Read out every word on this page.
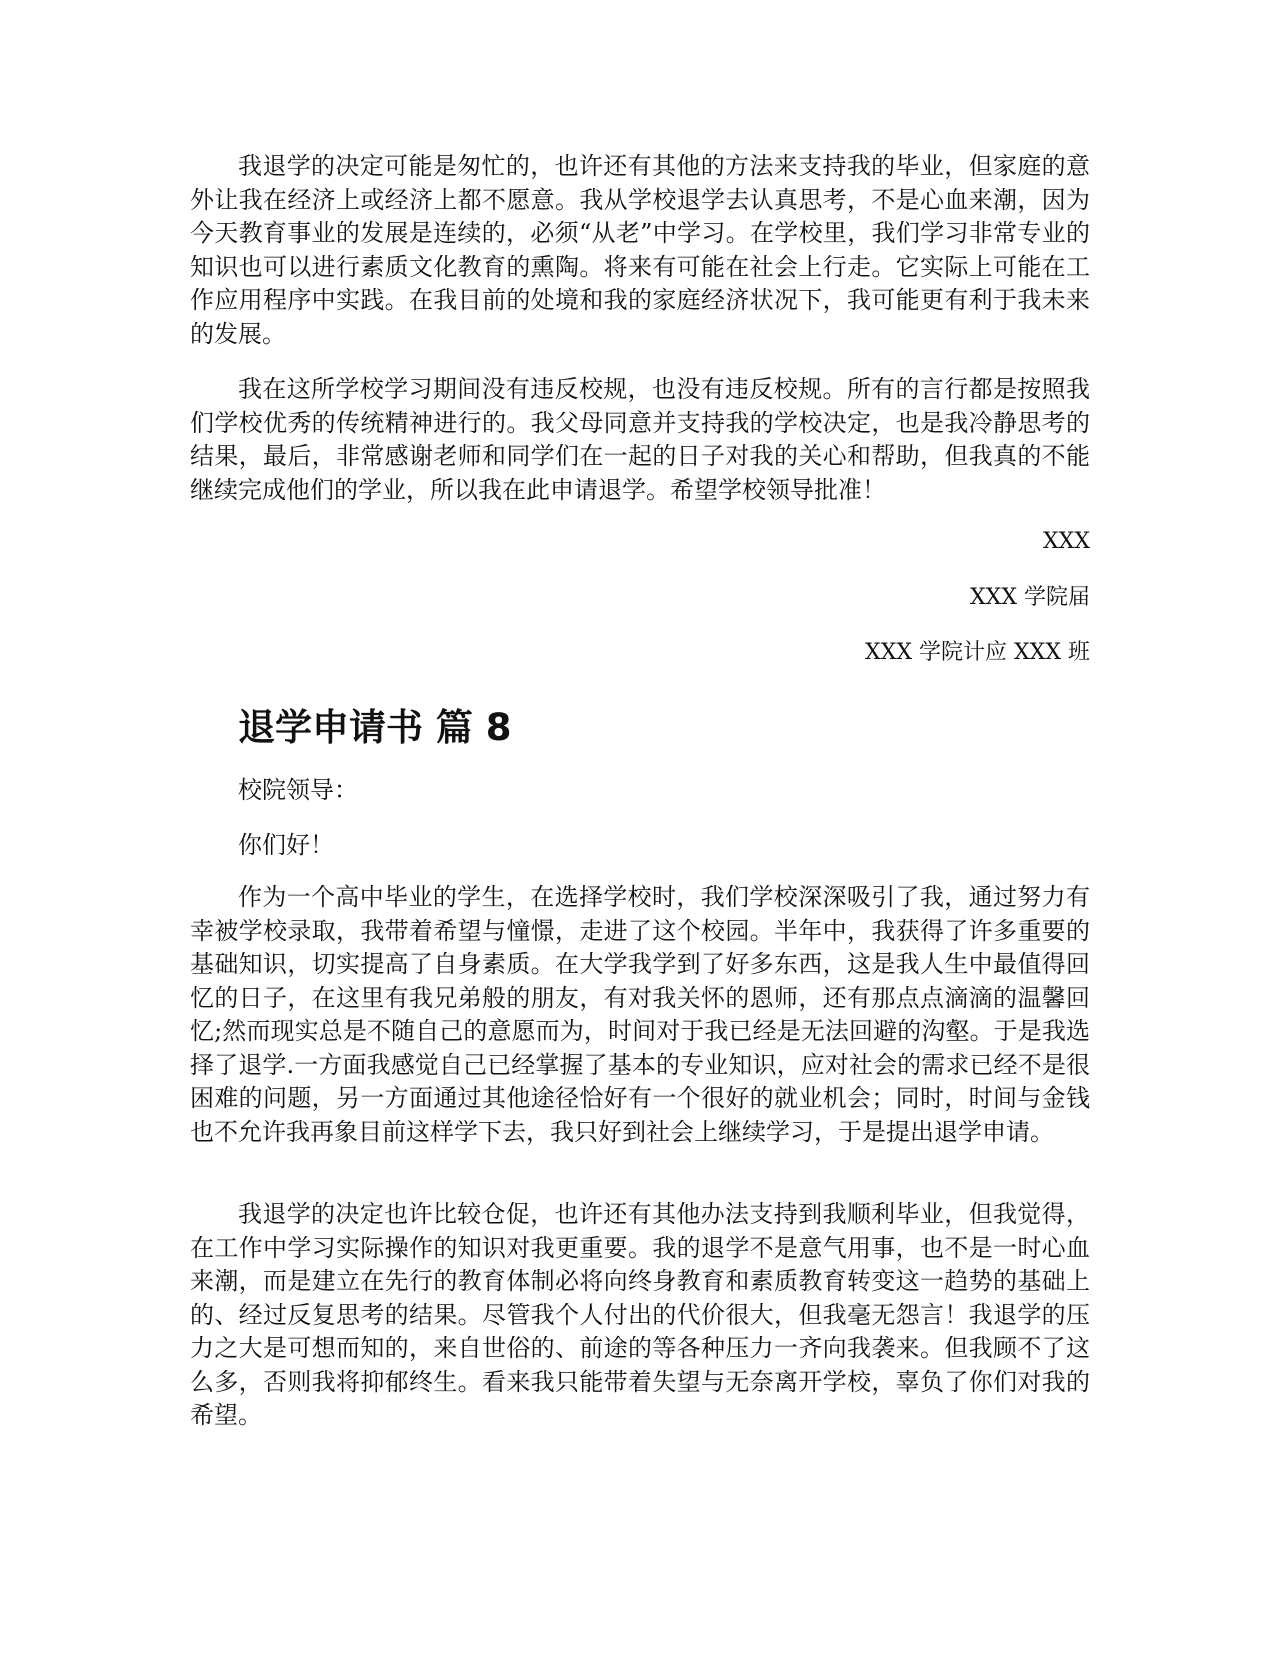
我退学的决定可能是匆忙的，也许还有其他的方法来支持我的毕业，但家庭的意外让我在经济上或经济上都不愿意。我从学校退学去认真思考，不是心血来潮，因为今天教育事业的发展是连续的，必须“从老”中学习。在学校里，我们学习非常专业的知识也可以进行素质文化教育的熏陶。将来有可能在社会上行走。它实际上可能在工作应用程序中实践。在我目前的处境和我的家庭经济状况下，我可能更有利于我未来的发展。

我在这所学校学习期间没有违反校规，也没有违反校规。所有的言行都是按照我们学校优秀的传统精神进行的。我父母同意并支持我的学校决定，也是我冷静思考的结果，最后，非常感谢老师和同学们在一起的日子对我的关心和帮助，但我真的不能继续完成他们的学业，所以我在此申请退学。希望学校领导批准！

XXX
XXX 学院届
XXX 学院计应 XXX 班
退学申请书 篇 8
校院领导：
你们好！

作为一个高中毕业的学生，在选择学校时，我们学校深深吸引了我，通过努力有幸被学校录取，我带着希望与憧憬，走进了这个校园。半年中，我获得了许多重要的基础知识，切实提高了自身素质。在大学我学到了好多东西，这是我人生中最值得回忆的日子，在这里有我兄弟般的朋友，有对我关怀的恩师，还有那点点滴滴的温馨回忆;然而现实总是不随自己的意愿而为，时间对于我已经是无法回避的沟壑。于是我选择了退学.一方面我感觉自己已经掌握了基本的专业知识，应对社会的需求已经不是很困难的问题，另一方面通过其他途径恰好有一个很好的就业机会；同时，时间与金钱也不允许我再象目前这样学下去，我只好到社会上继续学习，于是提出退学申请。

我退学的决定也许比较仓促，也许还有其他办法支持到我顺利毕业，但我觉得，在工作中学习实际操作的知识对我更重要。我的退学不是意气用事，也不是一时心血来潮，而是建立在先行的教育体制必将向终身教育和素质教育转变这一趋势的基础上的、经过反复思考的结果。尽管我个人付出的代价很大，但我毫无怨言！我退学的压力之大是可想而知的，来自世俗的、前途的等各种压力一齐向我袭来。但我顾不了这么多，否则我将抑郁终生。看来我只能带着失望与无奈离开学校，辜负了你们对我的希望。
